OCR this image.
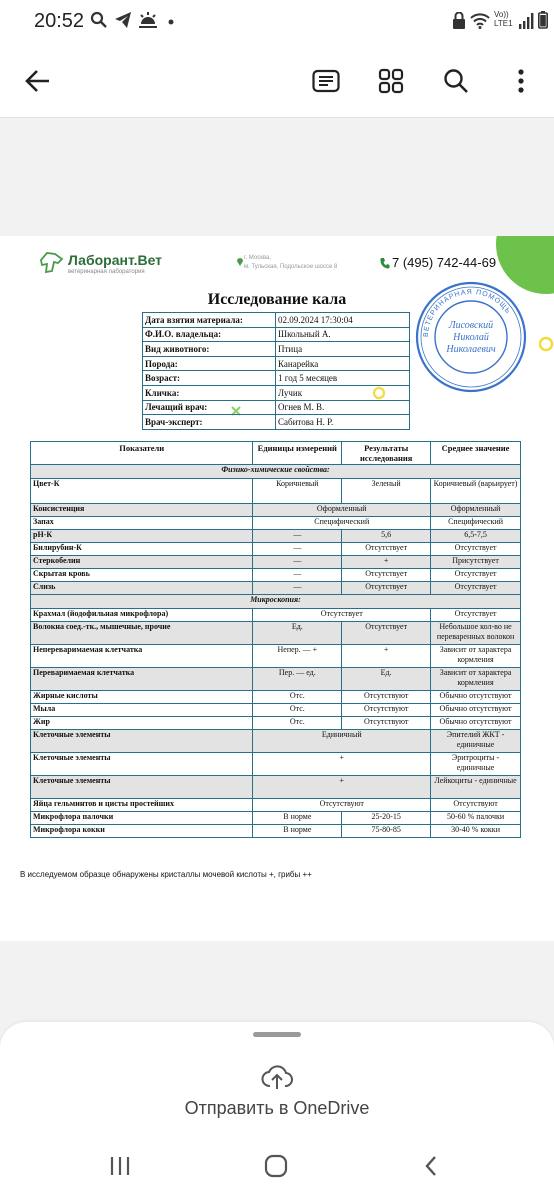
20:52	Vo)) LTE1
Лаборант.Вет
ветеринарная лаборатория
г. Москва,
м. Тульская, Подольское шоссе 8	7 (495) 742-44-69
Исследование кала
Дата взятия материала:	02.09.2024 17:30:04
Ф.И.О. владельца:	Школьный А.
Вид животного:	Птица
Порода:	Канарейка
Возраст:	1 год 5 месяцев
Кличка:	Лучик
Лечащий врач:	Огнев М. В.
Врач-эксперт:	Сабитова Н. Р.
ВЕТЕРИНАРНАЯ ПОМОЩЬ
Лисовский
Николай
Николаевич
Показатели	Единицы измерений	Результаты исследования	Среднее значение
Физико-химические свойства:			
Цвет-К	Коричневый	Зеленый	Коричневый (варьирует)
Консистенция	Оформленный		Оформленный
Запах	Специфический		Специфический
pH-К	—	5,6	6,5-7,5
Билирубин-К	—	Отсутствует	Отсутствует
Стеркобелин	—	+	Присутствует
Скрытая кровь	—	Отсутствует	Отсутствует
Слизь	—	Отсутствует	Отсутствует
Микроскопия:			
Крахмал (йодофильная микрофлора)	Отсутствует		Отсутствует
Волокна соед.-тк., мышечные, прочие	Ед.	Отсутствует	Небольшое кол-во не переваренных волокон
Непереваримаемая клетчатка	Непер. — +	+	Зависит от характера кормления
Переваримаемая клетчатка	Пер. — ед.	Ед.	Зависит от характера кормления
Жирные кислоты	Отс.	Отсутствуют	Обычно отсутствуют
Мыла	Отс.	Отсутствуют	Обычно отсутствуют
Жир	Отс.	Отсутствуют	Обычно отсутствуют
Клеточные элементы	Единичный		Эпителий ЖКТ - единичные
Клеточные элементы	+		Эритроциты - единичные
Клеточные элементы	+		Лейкоциты - единичные
Яйца гельминтов и цисты простейших	Отсутствуют		Отсутствуют
Микрофлора палочки	В норме	25-20-15	50-60 % палочки
Микрофлора кокки	В норме	75-80-85	30-40 % кокки
В исследуемом образце обнаружены кристаллы мочевой кислоты +, грибы ++
Отправить в OneDrive
